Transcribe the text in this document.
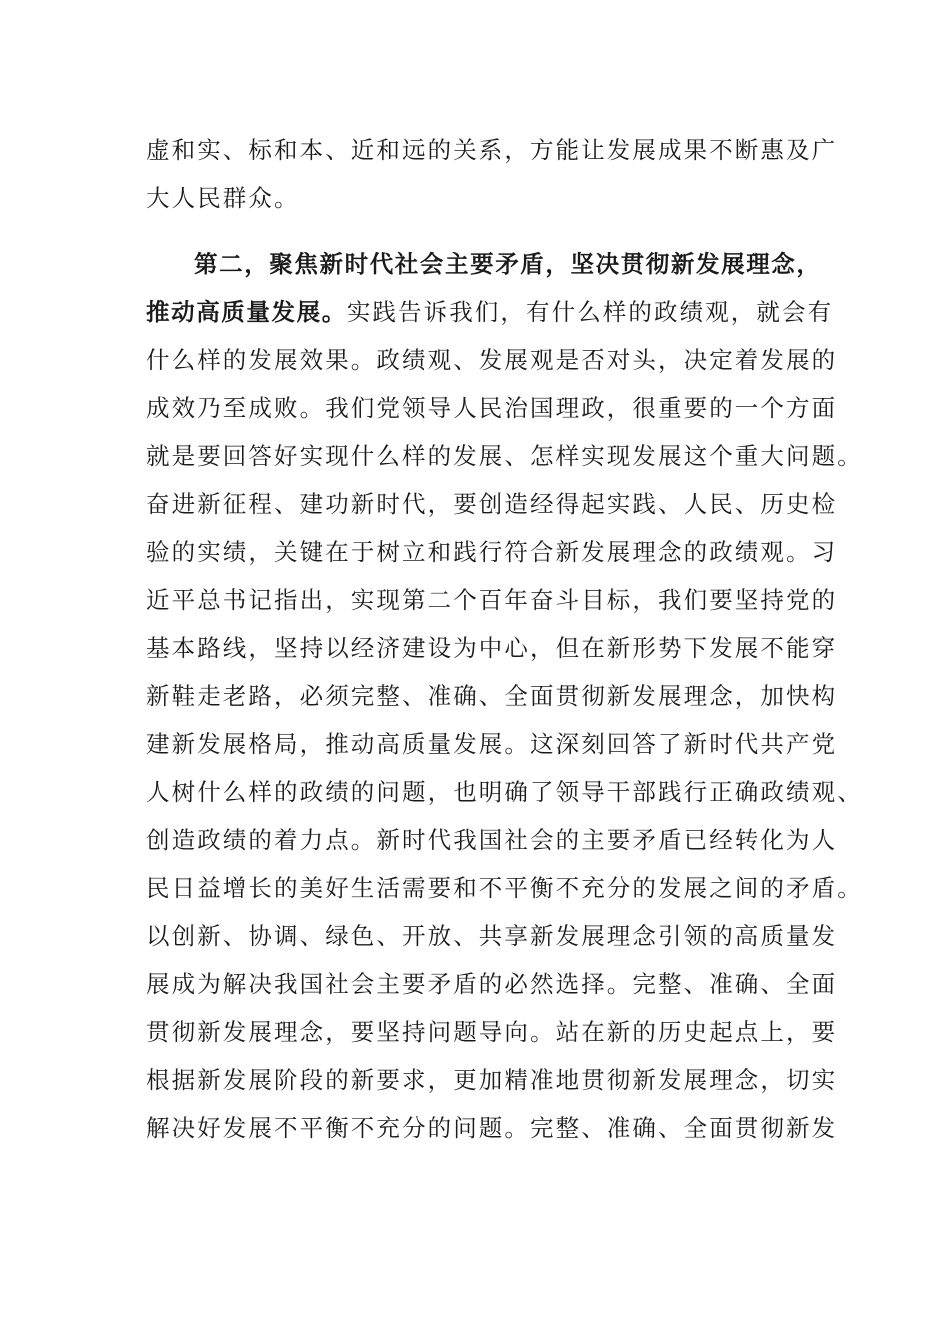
虚和实、标和本、近和远的关系，方能让发展成果不断惠及广
大人民群众。
第二，聚焦新时代社会主要矛盾，坚决贯彻新发展理念，
推动高质量发展。实践告诉我们，有什么样的政绩观，就会有
什么样的发展效果。政绩观、发展观是否对头，决定着发展的
成效乃至成败。我们党领导人民治国理政，很重要的一个方面
就是要回答好实现什么样的发展、怎样实现发展这个重大问题。
奋进新征程、建功新时代，要创造经得起实践、人民、历史检
验的实绩，关键在于树立和践行符合新发展理念的政绩观。习
近平总书记指出，实现第二个百年奋斗目标，我们要坚持党的
基本路线，坚持以经济建设为中心，但在新形势下发展不能穿
新鞋走老路，必须完整、准确、全面贯彻新发展理念，加快构
建新发展格局，推动高质量发展。这深刻回答了新时代共产党
人树什么样的政绩的问题，也明确了领导干部践行正确政绩观、
创造政绩的着力点。新时代我国社会的主要矛盾已经转化为人
民日益增长的美好生活需要和不平衡不充分的发展之间的矛盾。
以创新、协调、绿色、开放、共享新发展理念引领的高质量发
展成为解决我国社会主要矛盾的必然选择。完整、准确、全面
贯彻新发展理念，要坚持问题导向。站在新的历史起点上，要
根据新发展阶段的新要求，更加精准地贯彻新发展理念，切实
解决好发展不平衡不充分的问题。完整、准确、全面贯彻新发
